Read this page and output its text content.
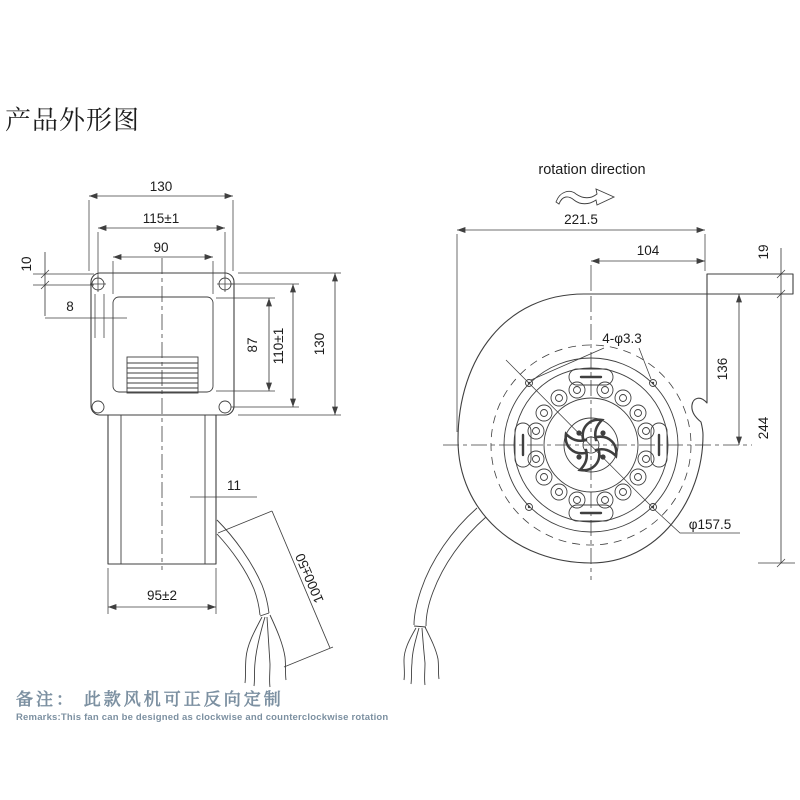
产品外形图
130
115±1
90
10
8
87 110±1 130
11
95±2	1000±50
rotation direction
221.5
104	19
244
136
4-φ3.3
φ157.5
备注： 此款风机可正反向定制
Remarks:This fan can be designed as clockwise and counterclockwise rotation
